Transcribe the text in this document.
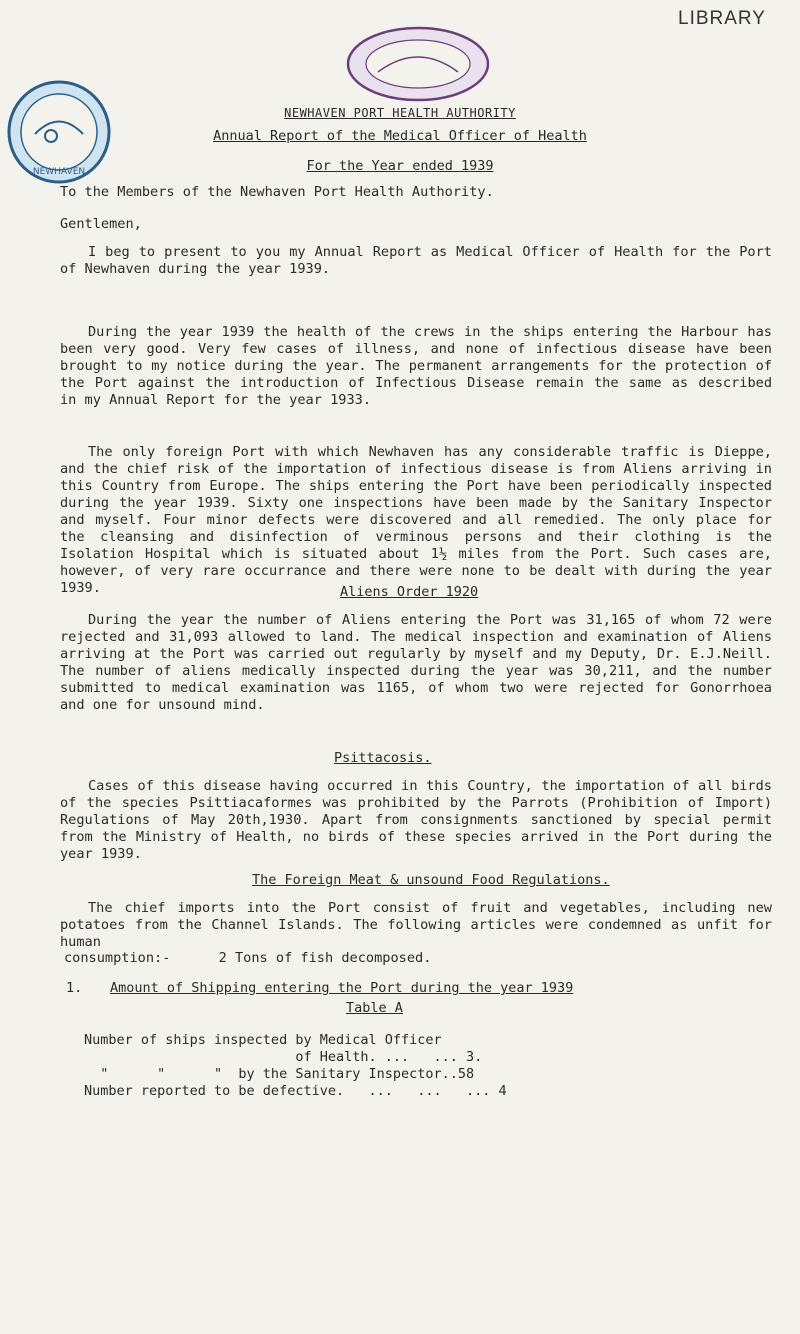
LIBRARY
NEWHAVEN
NEWHAVEN PORT HEALTH AUTHORITY
Annual Report of the Medical Officer of Health
For the Year ended 1939

To the Members of the Newhaven Port Health Authority.

Gentlemen,

I beg to present to you my Annual Report as Medical Officer of Health for the Port of Newhaven during the year 1939.

During the year 1939 the health of the crews in the ships entering the Harbour has been very good. Very few cases of illness, and none of infectious disease have been brought to my notice during the year. The permanent arrangements for the protection of the Port against the introduction of Infectious Disease remain the same as described in my Annual Report for the year 1933.

The only foreign Port with which Newhaven has any considerable traffic is Dieppe, and the chief risk of the importation of infectious disease is from Aliens arriving in this Country from Europe. The ships entering the Port have been periodically inspected during the year 1939. Sixty one inspections have been made by the Sanitary Inspector and myself. Four minor defects were discovered and all remedied. The only place for the cleansing and disinfection of verminous persons and their clothing is the Isolation Hospital which is situated about 1½ miles from the Port. Such cases are, however, of very rare occurrance and there were none to be dealt with during the year 1939.	Aliens Order 1920

During the year the number of Aliens entering the Port was 31,165 of whom 72 were rejected and 31,093 allowed to land. The medical inspection and examination of Aliens arriving at the Port was carried out regularly by myself and my Deputy, Dr. E.J.Neill. The number of aliens medically inspected during the year was 30,211, and the number submitted to medical examination was 1165, of whom two were rejected for Gonorrhoea and one for unsound mind.

Psittacosis.

Cases of this disease having occurred in this Country, the importation of all birds of the species Psittiacaformes was prohibited by the Parrots (Prohibition of Import) Regulations of May 20th,1930. Apart from consignments sanctioned by special permit from the Ministry of Health, no birds of these species arrived in the Port during the year 1939.

The Foreign Meat & unsound Food Regulations.

The chief imports into the Port consist of fruit and vegetables, including new potatoes from the Channel Islands. The following articles were condemned as unfit for human

consumption:-	2 Tons of fish decomposed.

1. Amount of Shipping entering the Port during the year 1939
Table A
Number of ships inspected by Medical Officer
of Health. ...   ... 3.
"      "      "  by the Sanitary Inspector..58
Number reported to be defective. ...   ...   ... 4
